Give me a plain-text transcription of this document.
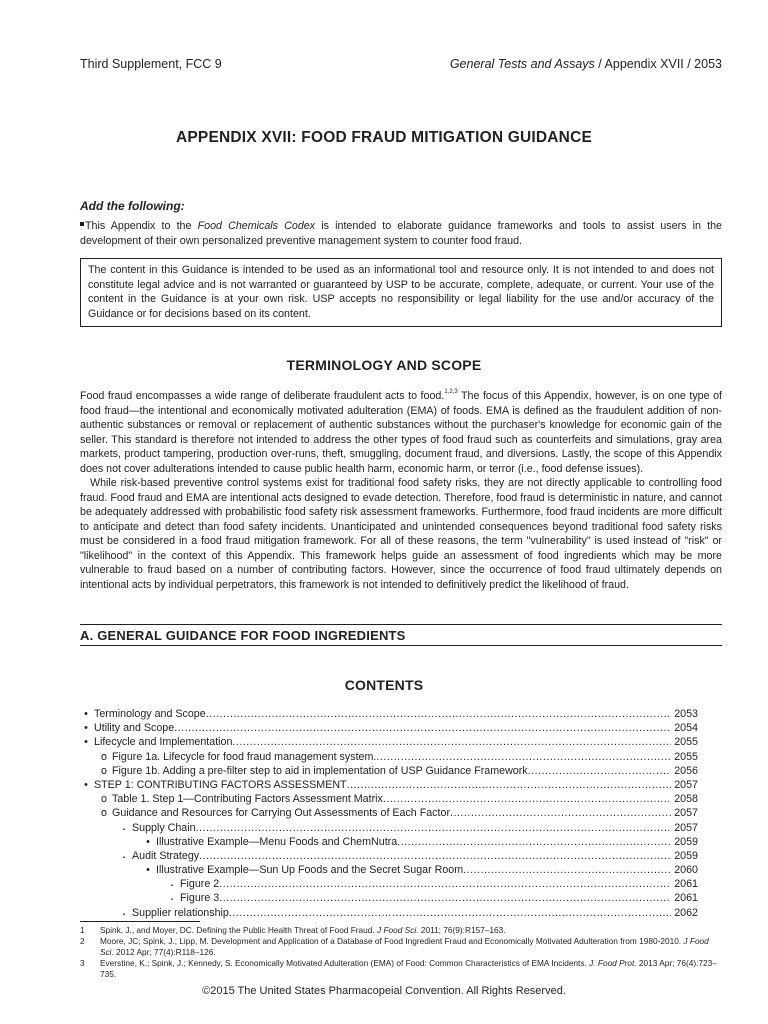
Third Supplement, FCC 9	General Tests and Assays / Appendix XVII / 2053
APPENDIX XVII: FOOD FRAUD MITIGATION GUIDANCE
Add the following:
This Appendix to the Food Chemicals Codex is intended to elaborate guidance frameworks and tools to assist users in the development of their own personalized preventive management system to counter food fraud.
The content in this Guidance is intended to be used as an informational tool and resource only. It is not intended to and does not constitute legal advice and is not warranted or guaranteed by USP to be accurate, complete, adequate, or current. Your use of the content in the Guidance is at your own risk. USP accepts no responsibility or legal liability for the use and/or accuracy of the Guidance or for decisions based on its content.
TERMINOLOGY AND SCOPE

Food fraud encompasses a wide range of deliberate fraudulent acts to food.$^{1,2,3}$ The focus of this Appendix, however, is on one type of food fraud—the intentional and economically motivated adulteration (EMA) of foods. EMA is defined as the fraudulent addition of non-authentic substances or removal or replacement of authentic substances without the purchaser's knowledge for economic gain of the seller. This standard is therefore not intended to address the other types of food fraud such as counterfeits and simulations, gray area markets, product tampering, production over-runs, theft, smuggling, document fraud, and diversions. Lastly, the scope of this Appendix does not cover adulterations intended to cause public health harm, economic harm, or terror (i.e., food defense issues).

While risk-based preventive control systems exist for traditional food safety risks, they are not directly applicable to controlling food fraud. Food fraud and EMA are intentional acts designed to evade detection. Therefore, food fraud is deterministic in nature, and cannot be adequately addressed with probabilistic food safety risk assessment frameworks. Furthermore, food fraud incidents are more difficult to anticipate and detect than food safety incidents. Unanticipated and unintended consequences beyond traditional food safety risks must be considered in a food fraud mitigation framework. For all of these reasons, the term "vulnerability" is used instead of "risk" or "likelihood" in the context of this Appendix. This framework helps guide an assessment of food ingredients which may be more vulnerable to fraud based on a number of contributing factors. However, since the occurrence of food fraud ultimately depends on intentional acts by individual perpetrators, this framework is not intended to definitively predict the likelihood of fraud.

A. GENERAL GUIDANCE FOR FOOD INGREDIENTS
CONTENTS
• Terminology and Scope .....	2053
• Utility and Scope .....	2054
• Lifecycle and Implementation .....	2055
o Figure 1a. Lifecycle for food fraud management system. .....	2055
o Figure 1b. Adding a pre-filter step to aid in implementation of USP Guidance Framework .....	2056
• STEP 1: CONTRIBUTING FACTORS ASSESSMENT .....	2057
o Table 1. Step 1—Contributing Factors Assessment Matrix .....	2058
o Guidance and Resources for Carrying Out Assessments of Each Factor .....	2057
▪ Supply Chain .....	2057
• Illustrative Example—Menu Foods and ChemNutra .....	2059
▪ Audit Strategy .....	2059
• Illustrative Example—Sun Up Foods and the Secret Sugar Room .....	2060
▪ Figure 2 .....	2061
▪ Figure 3 .....	2061
▪ Supplier relationship .....	2062
1	Spink, J., and Moyer, DC. Defining the Public Health Threat of Food Fraud. J Food Sci. 2011; 76(9):R157–163.
2	Moore, JC; Spink, J.; Lipp, M. Development and Application of a Database of Food Ingredient Fraud and Economically Motivated Adulteration from 1980-2010. J Food Sci. 2012 Apr; 77(4):R118–126.
3	Everstine, K.; Spink, J.; Kennedy, S. Economically Motivated Adulteration (EMA) of Food: Common Characteristics of EMA Incidents. J. Food Prot. 2013 Apr; 76(4):723–735.
©2015 The United States Pharmacopeial Convention. All Rights Reserved.
